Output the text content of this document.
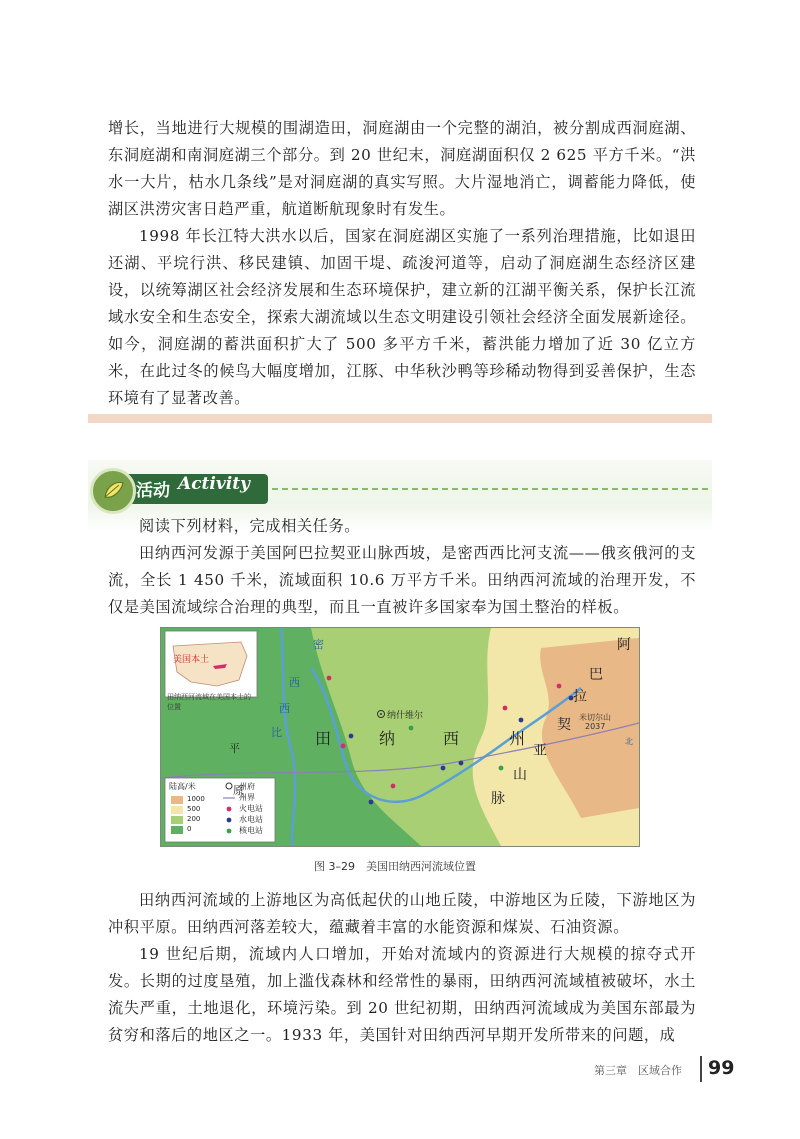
增长，当地进行大规模的围湖造田，洞庭湖由一个完整的湖泊，被分割成西洞庭湖、东洞庭湖和南洞庭湖三个部分。到 20 世纪末，洞庭湖面积仅 2 625 平方千米。“洪水一大片，枯水几条线”是对洞庭湖的真实写照。大片湿地消亡，调蓄能力降低，使湖区洪涝灾害日趋严重，航道断航现象时有发生。

1998 年长江特大洪水以后，国家在洞庭湖区实施了一系列治理措施，比如退田还湖、平垸行洪、移民建镇、加固干堤、疏浚河道等，启动了洞庭湖生态经济区建设，以统筹湖区社会经济发展和生态环境保护，建立新的江湖平衡关系，保护长江流域水安全和生态安全，探索大湖流域以生态文明建设引领社会经济全面发展新途径。如今，洞庭湖的蓄洪面积扩大了 500 多平方千米，蓄洪能力增加了近 30 亿立方米，在此过冬的候鸟大幅度增加，江豚、中华秋沙鸭等珍稀动物得到妥善保护，生态环境有了显著改善。

活动 Activity

阅读下列材料，完成相关任务。

田纳西河发源于美国阿巴拉契亚山脉西坡，是密西西比河支流——俄亥俄河的支流，全长 1 450 千米，流域面积 10.6 万平方千米。田纳西河流域的治理开发，不仅是美国流域综合治理的典型，而且一直被许多国家奉为国土整治的样板。

美国本土
田纳西河流域在美国本土的位置
密
西
西
比
平
原
田	纳	西	州
纳什维尔
阿
巴
拉
契
亚
山
脉
米切尔山
2037
北
陆高/米
1000
500
200
0
州府
州界
火电站
水电站
核电站
图 3–29　美国田纳西河流域位置

田纳西河流域的上游地区为高低起伏的山地丘陵，中游地区为丘陵，下游地区为冲积平原。田纳西河落差较大，蕴藏着丰富的水能资源和煤炭、石油资源。

19 世纪后期，流域内人口增加，开始对流域内的资源进行大规模的掠夺式开发。长期的过度垦殖，加上滥伐森林和经常性的暴雨，田纳西河流域植被破坏，水土流失严重，土地退化，环境污染。到 20 世纪初期，田纳西河流域成为美国东部最为贫穷和落后的地区之一。1933 年，美国针对田纳西河早期开发所带来的问题，成

第三章　区域合作 99
